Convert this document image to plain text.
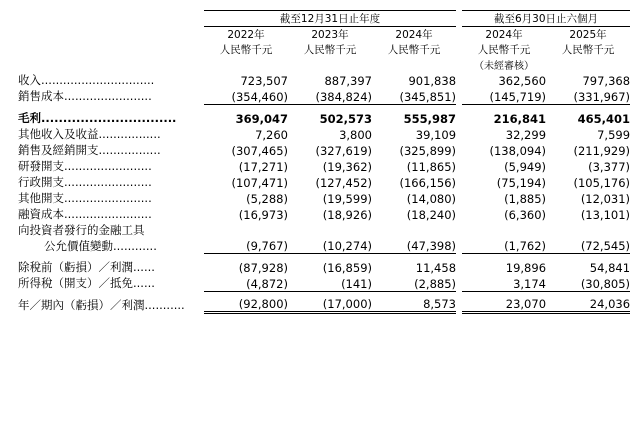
	截至12月31日止年度				截至6月30日止六個月	
	2022年	2023年	2024年		2024年	2025年
	人民幣千元	人民幣千元	人民幣千元		人民幣千元	人民幣千元
					（未經審核）	
收入...............................	723,507	887,397	901,838		362,560	797,368
銷售成本........................	(354,460)	(384,824)	(345,851)		(145,719)	(331,967)

毛利...............................	369,047	502,573	555,987		216,841	465,401
其他收入及收益.................	7,260	3,800	39,109		32,299	7,599
銷售及經銷開支.................	(307,465)	(327,619)	(325,899)		(138,094)	(211,929)
研發開支........................	(17,271)	(19,362)	(11,865)		(5,949)	(3,377)
行政開支........................	(107,471)	(127,452)	(166,156)		(75,194)	(105,176)
其他開支........................	(5,288)	(19,599)	(14,080)		(1,885)	(12,031)
融資成本........................	(16,973)	(18,926)	(18,240)		(6,360)	(13,101)
向投資者發行的金融工具						
公允價值變動............	(9,767)	(10,274)	(47,398)		(1,762)	(72,545)

除稅前（虧損）／利潤......	(87,928)	(16,859)	11,458		19,896	54,841
所得稅（開支）／抵免......	(4,872)	(141)	(2,885)		3,174	(30,805)

年／期內（虧損）／利潤...........	(92,800)	(17,000)	8,573		23,070	24,036
